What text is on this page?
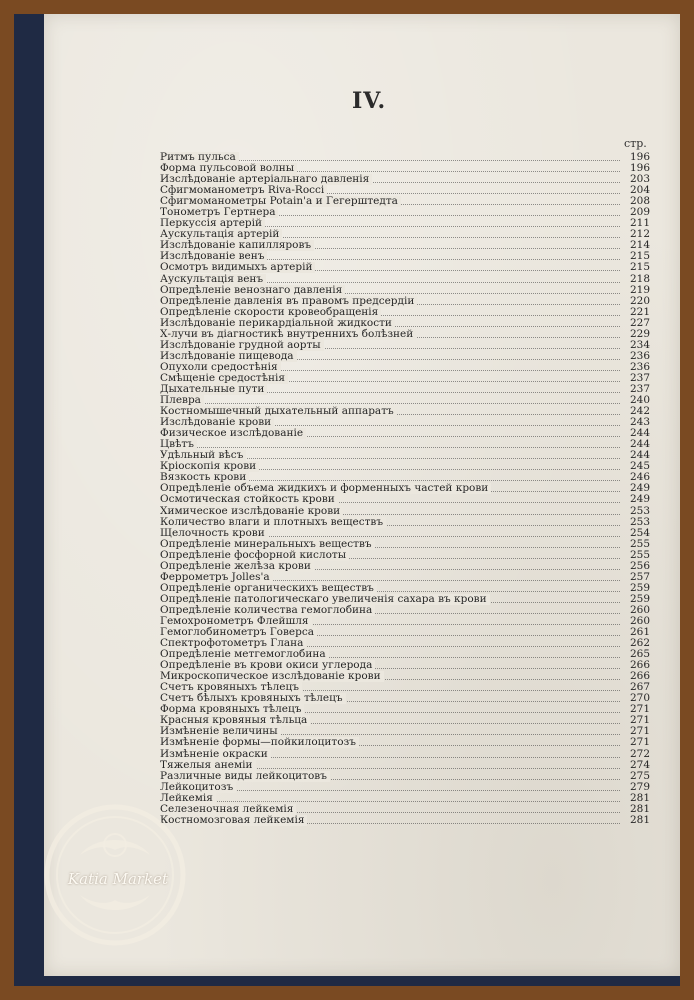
IV.
стр.
Ритмъ пульса	196
Форма пульсовой волны	196
Изслѣдованіе артеріальнаго давленія	203
Сфигмоманометръ Riva-Rocci	204
Сфигмоманометры Potain'а и Гегерштедта	208
Тонометръ Гертнера	209
Перкуссія артерій	211
Аускультація артерій	212
Изслѣдованіе капилляровъ	214
Изслѣдованіе венъ	215
Осмотръ видимыхъ артерій	215
Аускультація венъ	218
Опредѣленіе венознаго давленія	219
Опредѣленіе давленія въ правомъ предсердіи	220
Опредѣленіе скорости кровеобращенія	221
Изслѣдованіе перикардіальной жидкости	227
Х-лучи въ діагностикѣ внутреннихъ болѣзней	229
Изслѣдованіе грудной аорты	234
Изслѣдованіе пищевода	236
Опухоли средостѣнія	236
Смѣщеніе средостѣнія	237
Дыхательные пути	237
Плевра	240
Костномышечный дыхательный аппаратъ	242
Изслѣдованіе крови	243
Физическое изслѣдованіе	244
Цвѣтъ	244
Удѣльный вѣсъ	244
Кріоскопія крови	245
Вязкость крови	246
Опредѣленіе объема жидкихъ и форменныхъ частей крови	249
Осмотическая стойкость крови	249
Химическое изслѣдованіе крови	253
Количество влаги и плотныхъ веществъ	253
Щелочность крови	254
Опредѣленіе минеральныхъ веществъ	255
Опредѣленіе фосфорной кислоты	255
Опредѣленіе желѣза крови	256
Феррометръ Jolles'а	257
Опредѣленіе органическихъ веществъ	259
Опредѣленіе патологическаго увеличенія сахара въ крови	259
Опредѣленіе количества гемоглобина	260
Гемохронометръ Флейшля	260
Гемоглобинометръ Говерса	261
Спектрофотометръ Глана	262
Опредѣленіе метгемоглобина	265
Опредѣленіе въ крови окиси углерода	266
Микроскопическое изслѣдованіе крови	266
Счетъ кровяныхъ тѣлецъ	267
Счетъ бѣлыхъ кровяныхъ тѣлецъ	270
Форма кровяныхъ тѣлецъ	271
Красныя кровяныя тѣльца	271
Измѣненіе величины	271
Измѣненіе формы—пойкилоцитозъ	271
Измѣненіе окраски	272
Тяжелыя анеміи	274
Различные виды лейкоцитовъ	275
Лейкоцитозъ	279
Лейкемія	281
Селезеночная лейкемія	281
Костномозговая лейкемія	281
Katia Market
